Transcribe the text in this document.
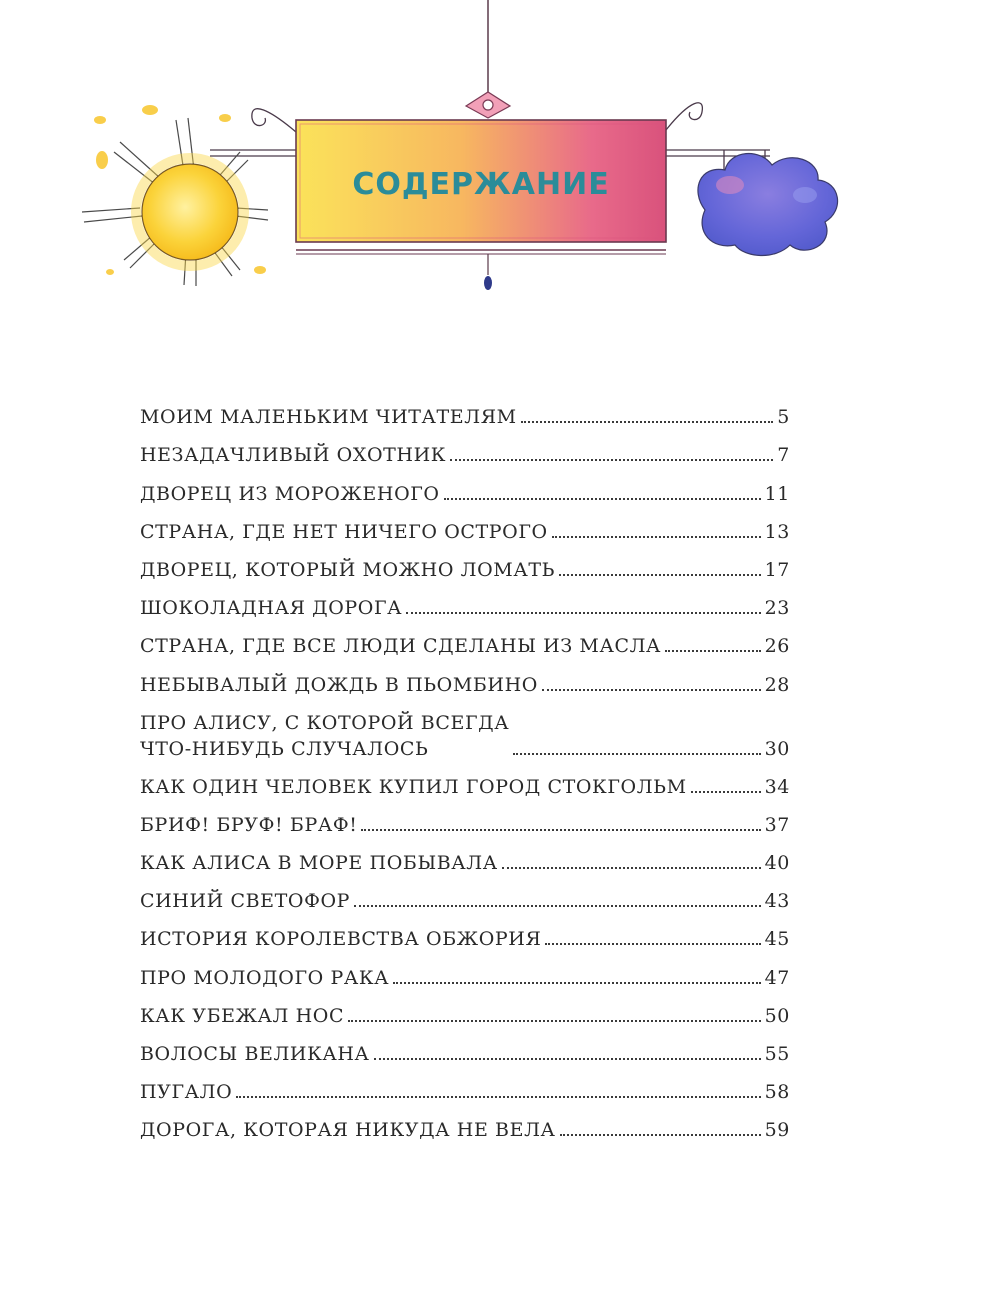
СОДЕРЖАНИЕ
МОИМ МАЛЕНЬКИМ ЧИТАТЕЛЯМ	5
НЕЗАДАЧЛИВЫЙ ОХОТНИК	7
ДВОРЕЦ ИЗ МОРОЖЕНОГО	11
СТРАНА, ГДЕ НЕТ НИЧЕГО ОСТРОГО	13
ДВОРЕЦ, КОТОРЫЙ МОЖНО ЛОМАТЬ	17
ШОКОЛАДНАЯ ДОРОГА	23
СТРАНА, ГДЕ ВСЕ ЛЮДИ СДЕЛАНЫ ИЗ МАСЛА	26
НЕБЫВАЛЫЙ ДОЖДЬ В ПЬОМБИНО	28
ПРО АЛИСУ, С КОТОРОЙ ВСЕГДА
ЧТО-НИБУДЬ СЛУЧАЛОСЬ	30
КАК ОДИН ЧЕЛОВЕК КУПИЛ ГОРОД СТОКГОЛЬМ	34
БРИФ! БРУФ! БРАФ!	37
КАК АЛИСА В МОРЕ ПОБЫВАЛА	40
СИНИЙ СВЕТОФОР	43
ИСТОРИЯ КОРОЛЕВСТВА ОБЖОРИЯ	45
ПРО МОЛОДОГО РАКА	47
КАК УБЕЖАЛ НОС	50
ВОЛОСЫ ВЕЛИКАНА	55
ПУГАЛО	58
ДОРОГА, КОТОРАЯ НИКУДА НЕ ВЕЛА	59
